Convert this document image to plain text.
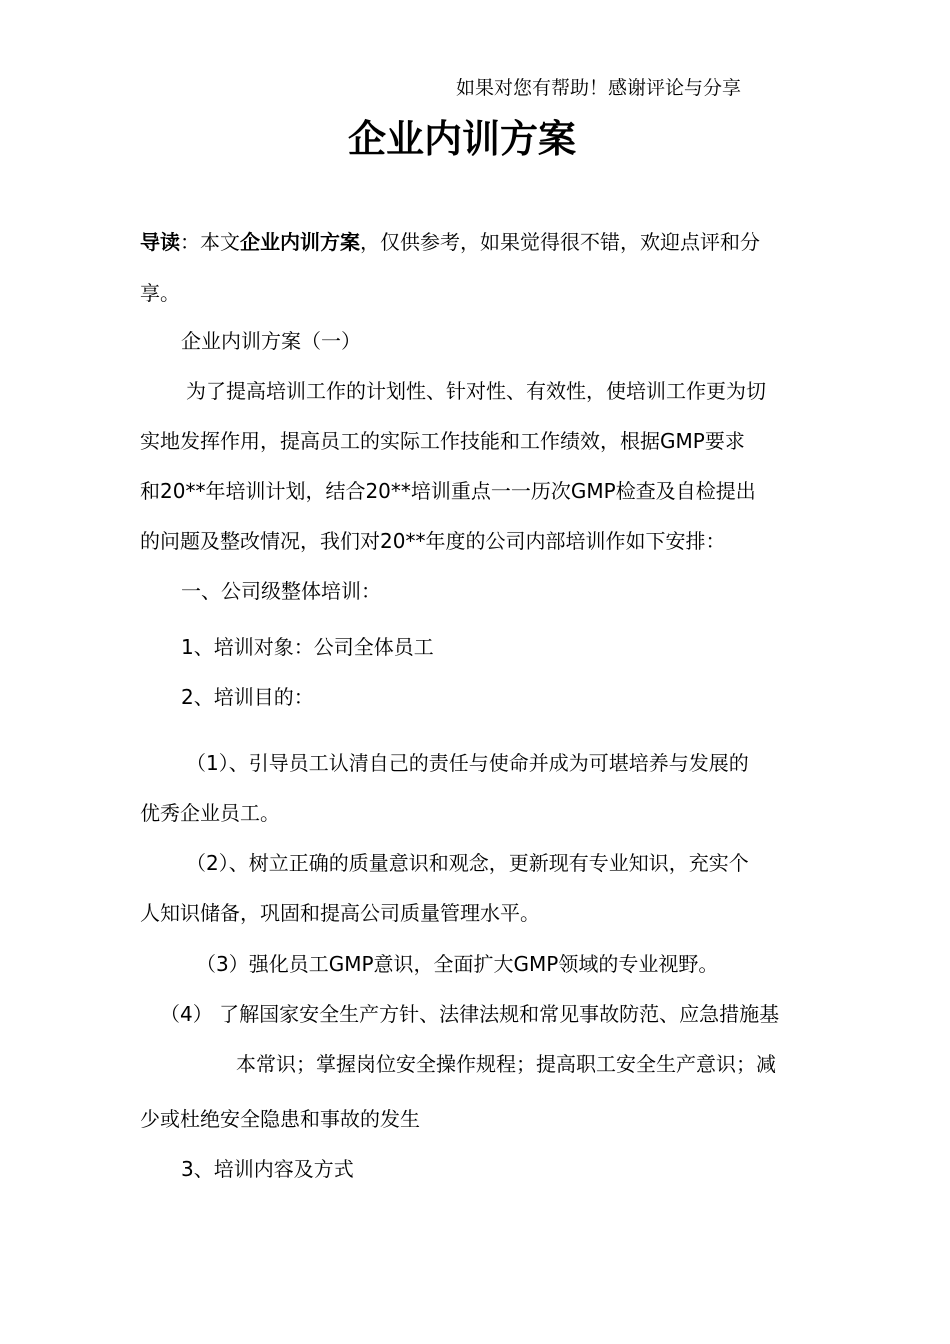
如果对您有帮助！感谢评论与分享
企业内训方案
导读：本文企业内训方案，仅供参考，如果觉得很不错，欢迎点评和分
享。
企业内训方案（一）
为了提高培训工作的计划性、针对性、有效性，使培训工作更为切
实地发挥作用，提高员工的实际工作技能和工作绩效，根据GMP要求
和20**年培训计划，结合20**培训重点一一历次GMP检查及自检提出
的问题及整改情况，我们对20**年度的公司内部培训作如下安排：
一、公司级整体培训：
1、培训对象：公司全体员工
2、培训目的：
（1）、引导员工认清自己的责任与使命并成为可堪培养与发展的
优秀企业员工。
（2）、树立正确的质量意识和观念，更新现有专业知识，充实个
人知识储备，巩固和提高公司质量管理水平。
（3）强化员工GMP意识，全面扩大GMP领域的专业视野。
（4） 了解国家安全生产方针、法律法规和常见事故防范、应急措施基
本常识；掌握岗位安全操作规程；提高职工安全生产意识；减
少或杜绝安全隐患和事故的发生
3、培训内容及方式
